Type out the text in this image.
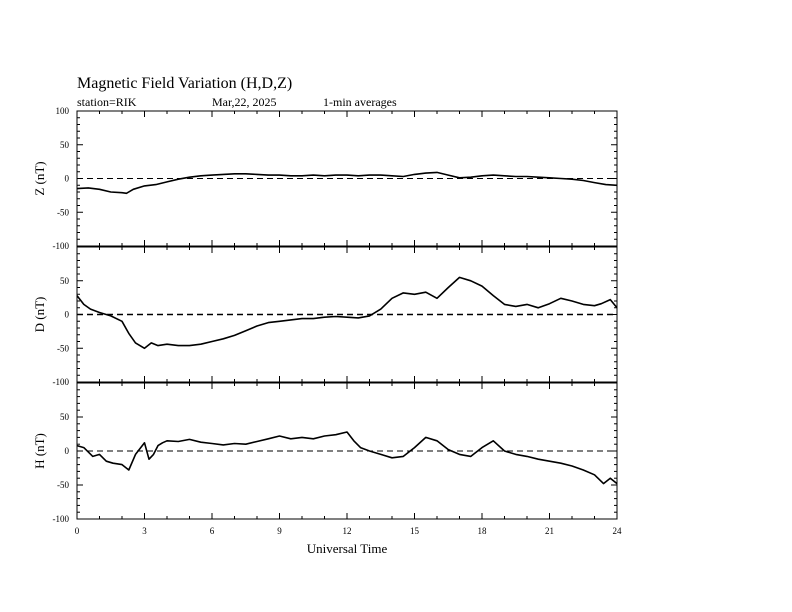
Magnetic Field Variation (H,D,Z)
station=RIK	Mar,22, 2025	1-min averages
100
50
0
-50
-100
Z (nT)
50
0
-50
-100
D (nT)
50
0
-50
-100
H (nT)
0	3	6	9	12	15	18	21	24
Universal Time
